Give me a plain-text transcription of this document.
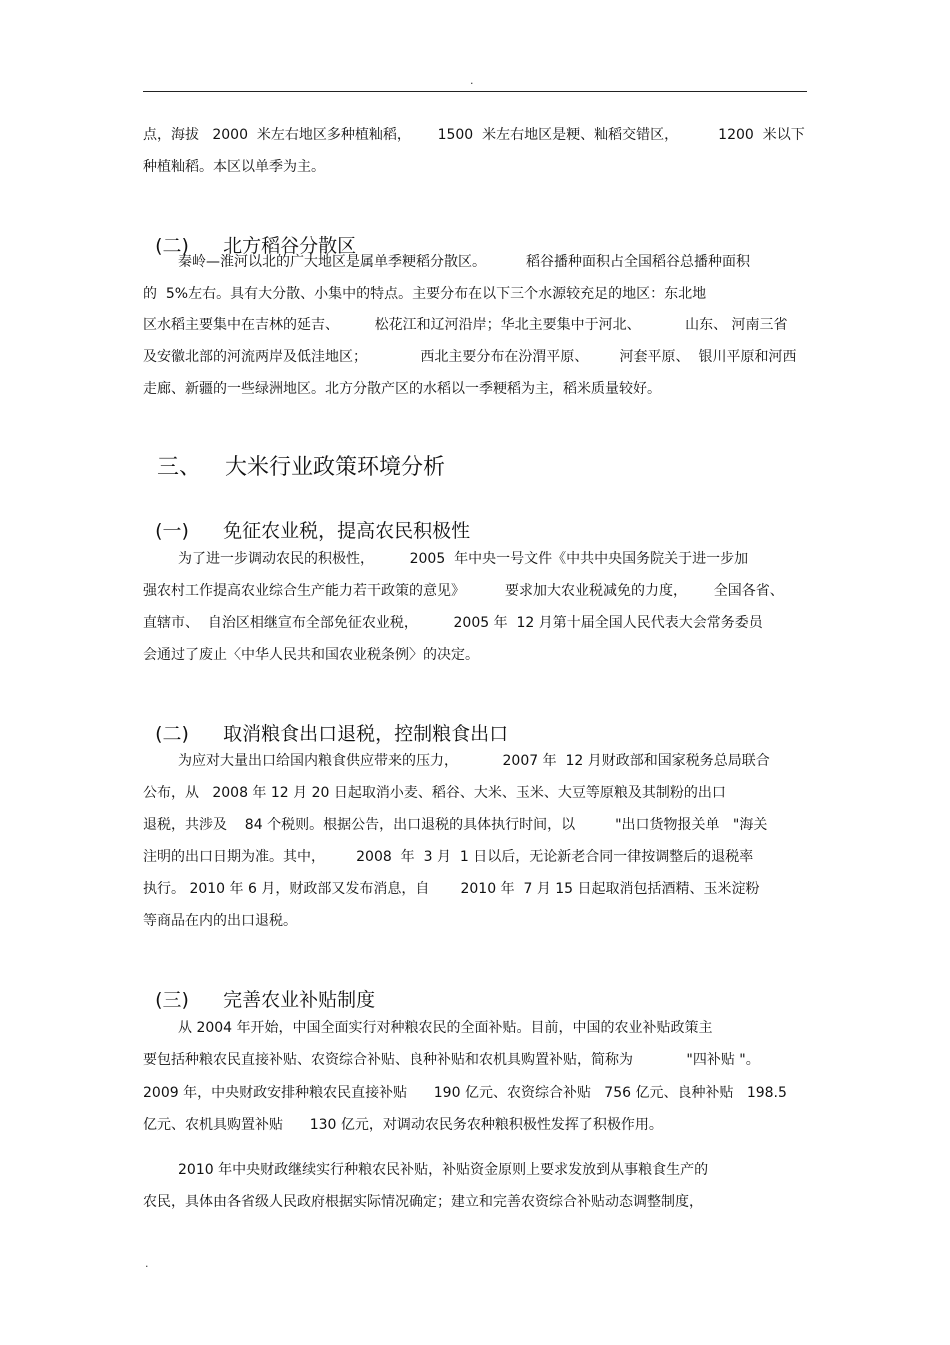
.
点，海拔   2000  米左右地区多种植籼稻，      1500  米左右地区是粳、籼稻交错区，         1200  米以下
种植籼稻。本区以单季为主。

(二) 北方稻谷分散区

秦岭—淮河以北的广大地区是属单季粳稻分散区。         稻谷播种面积占全国稻谷总播种面积
的  5%左右。具有大分散、小集中的特点。主要分布在以下三个水源较充足的地区：东北地
区水稻主要集中在吉林的延吉、        松花江和辽河沿岸；华北主要集中于河北、          山东、 河南三省
及安徽北部的河流两岸及低洼地区；            西北主要分布在汾渭平原、       河套平原、  银川平原和河西
走廊、新疆的一些绿洲地区。北方分散产区的水稻以一季粳稻为主，稻米质量较好。

三、 大米行业政策环境分析

(一) 免征农业税，提高农民积极性

为了进一步调动农民的积极性，        2005  年中央一号文件《中共中央国务院关于进一步加
强农村工作提高农业综合生产能力若干政策的意见》         要求加大农业税减免的力度，      全国各省、
直辖市、  自治区相继宣布全部免征农业税，        2005 年  12 月第十届全国人民代表大会常务委员
会通过了废止〈中华人民共和国农业税条例〉的决定。

(二) 取消粮食出口退税，控制粮食出口

为应对大量出口给国内粮食供应带来的压力，          2007 年  12 月财政部和国家税务总局联合
公布，从   2008 年 12 月 20 日起取消小麦、稻谷、大米、玉米、大豆等原粮及其制粉的出口
退税，共涉及    84 个税则。根据公告，出口退税的具体执行时间，以         "出口货物报关单   "海关
注明的出口日期为准。其中，       2008  年  3 月  1 日以后，无论新老合同一律按调整后的退税率
执行。 2010 年 6 月，财政部又发布消息，自       2010 年  7 月 15 日起取消包括酒精、玉米淀粉
等商品在内的出口退税。

(三) 完善农业补贴制度

从 2004 年开始，中国全面实行对种粮农民的全面补贴。目前，中国的农业补贴政策主
要包括种粮农民直接补贴、农资综合补贴、良种补贴和农机具购置补贴，简称为            "四补贴 "。
2009 年，中央财政安排种粮农民直接补贴      190 亿元、农资综合补贴   756 亿元、良种补贴   198.5
亿元、农机具购置补贴      130 亿元，对调动农民务农种粮积极性发挥了积极作用。
2010 年中央财政继续实行种粮农民补贴，补贴资金原则上要求发放到从事粮食生产的
农民，具体由各省级人民政府根据实际情况确定；建立和完善农资综合补贴动态调整制度，
.
